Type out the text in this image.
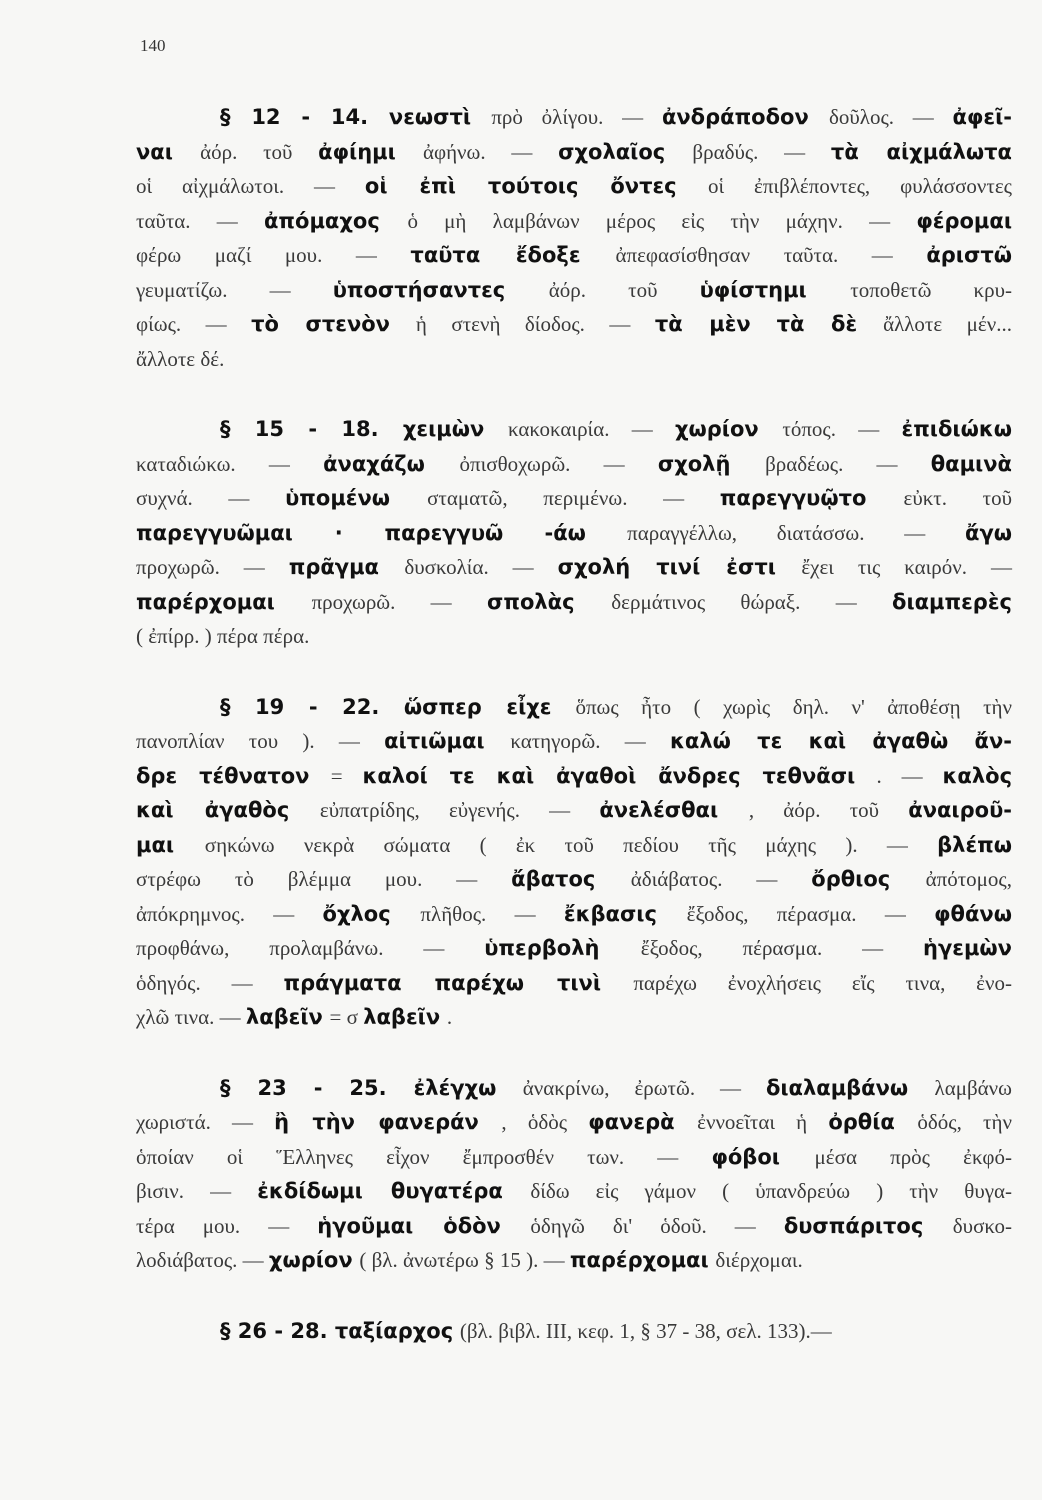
140
§ 12 - 14. νεωστὶ πρὸ ὀλίγου. — ἀνδράποδον δοῦλος. — ἀφεῖ-
ναι ἀόρ. τοῦ ἀφίημι ἀφήνω. — σχολαῖος βραδύς. — τὰ αἰχμάλωτα
οἱ αἰχμάλωτοι. — οἱ ἐπὶ τούτοις ὄντες οἱ ἐπιβλέποντες, φυλάσσοντες
ταῦτα. — ἀπόμαχος ὁ μὴ λαμβάνων μέρος εἰς τὴν μάχην. — φέρομαι
φέρω μαζί μου. — ταῦτα ἔδοξε ἀπεφασίσθησαν ταῦτα. — ἀριστῶ
γευματίζω. — ὑποστήσαντες ἀόρ. τοῦ ὑφίστημι τοποθετῶ κρυ-
φίως. — τὸ στενὸν ἡ στενὴ δίοδος. — τὰ μὲν τὰ δὲ ἄλλοτε μέν...
ἄλλοτε δέ.
§ 15 - 18. χειμὼν κακοκαιρία. — χωρίον τόπος. — ἐπιδιώκω
καταδιώκω. — ἀναχάζω ὀπισθοχωρῶ. — σχολῇ βραδέως. — θαμινὰ
συχνά. — ὑπομένω σταματῶ, περιμένω. — παρεγγυῷτο εὐκτ. τοῦ
παρεγγυῶμαι · παρεγγυῶ -άω παραγγέλλω, διατάσσω. — ἄγω
προχωρῶ. — πρᾶγμα δυσκολία. — σχολή τινί ἐστι ἔχει τις καιρόν. —
παρέρχομαι προχωρῶ. — σπολὰς δερμάτινος θώραξ. — διαμπερὲς
( ἐπίρρ. ) πέρα πέρα.
§ 19 - 22. ὥσπερ εἶχε ὅπως ἦτο ( χωρὶς δηλ. ν' ἀποθέσῃ τὴν
πανοπλίαν του ). — αἰτιῶμαι κατηγορῶ. — καλώ τε καὶ ἀγαθὼ ἄν-
δρε τέθνατον = καλοί τε καὶ ἀγαθοὶ ἄνδρες τεθνᾶσι . — καλὸς
καὶ ἀγαθὸς εὐπατρίδης, εὐγενής. — ἀνελέσθαι , ἀόρ. τοῦ ἀναιροῦ-
μαι σηκώνω νεκρὰ σώματα ( ἐκ τοῦ πεδίου τῆς μάχης ). — βλέπω
στρέφω τὸ βλέμμα μου. — ἄβατος ἀδιάβατος. — ὄρθιος ἀπότομος,
ἀπόκρημνος. — ὄχλος πλῆθος. — ἔκβασις ἔξοδος, πέρασμα. — φθάνω
προφθάνω, προλαμβάνω. — ὑπερβολὴ ἔξοδος, πέρασμα. — ἡγεμὼν
ὁδηγός. — πράγματα παρέχω τινὶ παρέχω ἐνοχλήσεις εἴς τινα, ἐνο-
χλῶ τινα. — λαβεῖν = σ λαβεῖν .
§ 23 - 25. ἐλέγχω ἀνακρίνω, ἐρωτῶ. — διαλαμβάνω λαμβάνω
χωριστά. — ἢ τὴν φανεράν , ὁδὸς φανερὰ ἐννοεῖται ἡ ὀρθία ὁδός, τὴν
ὁποίαν οἱ Ἕλληνες εἶχον ἔμπροσθέν των. — φόβοι μέσα πρὸς ἐκφό-
βισιν. — ἐκδίδωμι θυγατέρα δίδω εἰς γάμον ( ὑπανδρεύω ) τὴν θυγα-
τέρα μου. — ἡγοῦμαι ὁδὸν ὁδηγῶ δι' ὁδοῦ. — δυσπάριτος δυσκο-
λοδιάβατος. — χωρίον ( βλ. ἀνωτέρω § 15 ). — παρέρχομαι διέρχομαι.
§ 26 - 28. ταξίαρχος (βλ. βιβλ. III, κεφ. 1, § 37 - 38, σελ. 133).—
